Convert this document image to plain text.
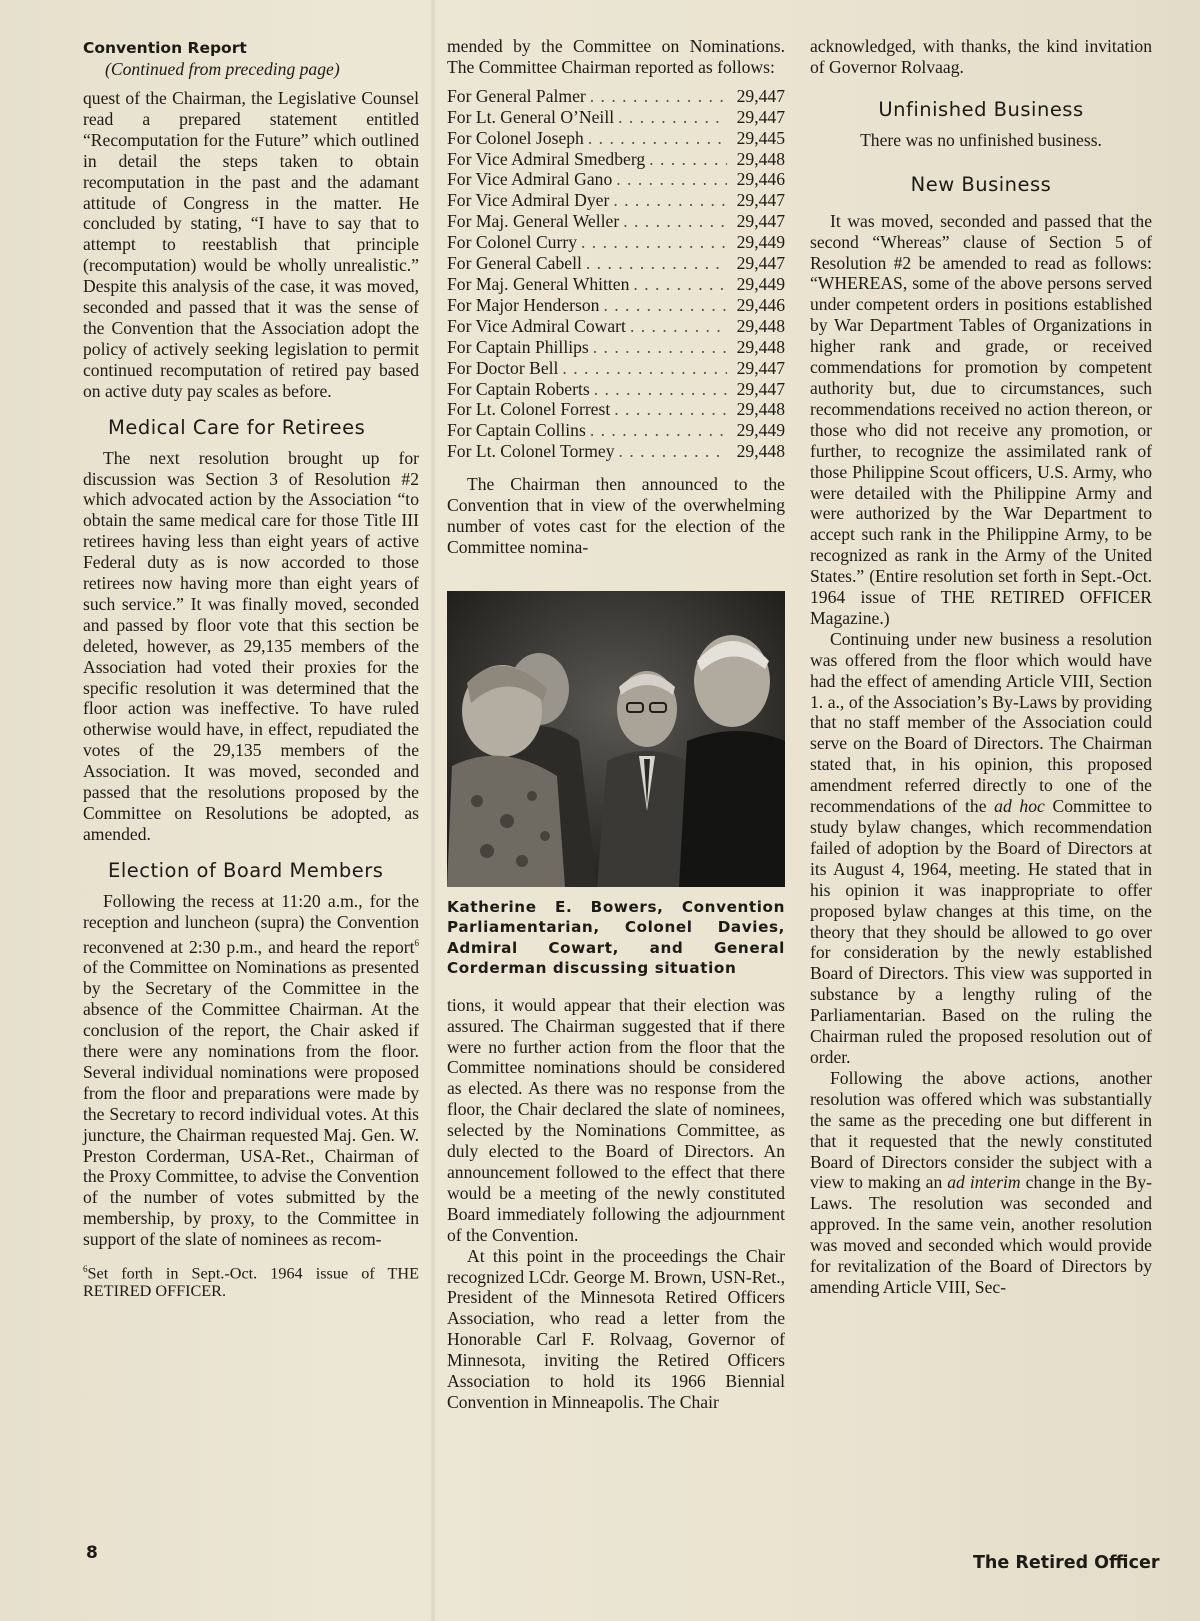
Convention Report
(Continued from preceding page)

quest of the Chairman, the Legislative Counsel read a prepared statement entitled “Recomputation for the Future” which outlined in detail the steps taken to obtain recomputation in the past and the adamant attitude of Congress in the matter. He concluded by stating, “I have to say that to attempt to reestablish that principle (recomputation) would be wholly unrealistic.” Despite this analysis of the case, it was moved, seconded and passed that it was the sense of the Convention that the Association adopt the policy of actively seeking legislation to permit continued recomputation of retired pay based on active duty pay scales as before.

Medical Care for Retirees

The next resolution brought up for discussion was Section 3 of Resolution #2 which advocated action by the Association “to obtain the same medical care for those Title III retirees having less than eight years of active Federal duty as is now accorded to those retirees now having more than eight years of such service.” It was finally moved, seconded and passed by floor vote that this section be deleted, however, as 29,135 members of the Association had voted their proxies for the specific resolution it was determined that the floor action was ineffective. To have ruled otherwise would have, in effect, repudiated the votes of the 29,135 members of the Association. It was moved, seconded and passed that the resolutions proposed by the Committee on Resolutions be adopted, as amended.

Election of Board Members

Following the recess at 11:20 a.m., for the reception and luncheon (supra) the Convention reconvened at 2:30 p.m., and heard the report$^6$ of the Committee on Nominations as presented by the Secretary of the Committee in the absence of the Committee Chairman. At the conclusion of the report, the Chair asked if there were any nominations from the floor. Several individual nominations were proposed from the floor and preparations were made by the Secretary to record individual votes. At this juncture, the Chairman requested Maj. Gen. W. Preston Corderman, USA-Ret., Chairman of the Proxy Committee, to advise the Convention of the number of votes submitted by the membership, by proxy, to the Committee in support of the slate of nominees as recom-

$^6$Set forth in Sept.-Oct. 1964 issue of THE RETIRED OFFICER.

mended by the Committee on Nominations. The Committee Chairman reported as follows:

For General Palmer . . .	29,447
For Lt. General O’Neill . . .	29,447
For Colonel Joseph . . .	29,445
For Vice Admiral Smedberg . . .	29,448
For Vice Admiral Gano . . .	29,446
For Vice Admiral Dyer . . .	29,447
For Maj. General Weller . . .	29,447
For Colonel Curry . . .	29,449
For General Cabell . . .	29,447
For Maj. General Whitten . . .	29,449
For Major Henderson . . .	29,446
For Vice Admiral Cowart . . .	29,448
For Captain Phillips . . .	29,448
For Doctor Bell . . .	29,447
For Captain Roberts . . .	29,447
For Lt. Colonel Forrest . . .	29,448
For Captain Collins . . .	29,449
For Lt. Colonel Tormey . . .	29,448

The Chairman then announced to the Convention that in view of the overwhelming number of votes cast for the election of the Committee nomina-

Katherine E. Bowers, Convention Parliamentarian, Colonel Davies, Admiral Cowart, and General Corderman discussing situation

tions, it would appear that their election was assured. The Chairman suggested that if there were no further action from the floor that the Committee nominations should be considered as elected. As there was no response from the floor, the Chair declared the slate of nominees, selected by the Nominations Committee, as duly elected to the Board of Directors. An announcement followed to the effect that there would be a meeting of the newly constituted Board immediately following the adjournment of the Convention.

At this point in the proceedings the Chair recognized LCdr. George M. Brown, USN-Ret., President of the Minnesota Retired Officers Association, who read a letter from the Honorable Carl F. Rolvaag, Governor of Minnesota, inviting the Retired Officers Association to hold its 1966 Biennial Convention in Minneapolis. The Chair

acknowledged, with thanks, the kind invitation of Governor Rolvaag.

Unfinished Business

There was no unfinished business.

New Business

It was moved, seconded and passed that the second “Whereas” clause of Section 5 of Resolution #2 be amended to read as follows: “WHEREAS, some of the above persons served under competent orders in positions established by War Department Tables of Organizations in higher rank and grade, or received commendations for promotion by competent authority but, due to circumstances, such recommendations received no action thereon, or those who did not receive any promotion, or further, to recognize the assimilated rank of those Philippine Scout officers, U.S. Army, who were detailed with the Philippine Army and were authorized by the War Department to accept such rank in the Philippine Army, to be recognized as rank in the Army of the United States.” (Entire resolution set forth in Sept.-Oct. 1964 issue of THE RETIRED OFFICER Magazine.)

Continuing under new business a resolution was offered from the floor which would have had the effect of amending Article VIII, Section 1. a., of the Association’s By-Laws by providing that no staff member of the Association could serve on the Board of Directors. The Chairman stated that, in his opinion, this proposed amendment referred directly to one of the recommendations of the ad hoc Committee to study bylaw changes, which recommendation failed of adoption by the Board of Directors at its August 4, 1964, meeting. He stated that in his opinion it was inappropriate to offer proposed bylaw changes at this time, on the theory that they should be allowed to go over for consideration by the newly established Board of Directors. This view was supported in substance by a lengthy ruling of the Parliamentarian. Based on the ruling the Chairman ruled the proposed resolution out of order.

Following the above actions, another resolution was offered which was substantially the same as the preceding one but different in that it requested that the newly constituted Board of Directors consider the subject with a view to making an ad interim change in the By-Laws. The resolution was seconded and approved. In the same vein, another resolution was moved and seconded which would provide for revitalization of the Board of Directors by amending Article VIII, Sec-

8	The Retired Officer
